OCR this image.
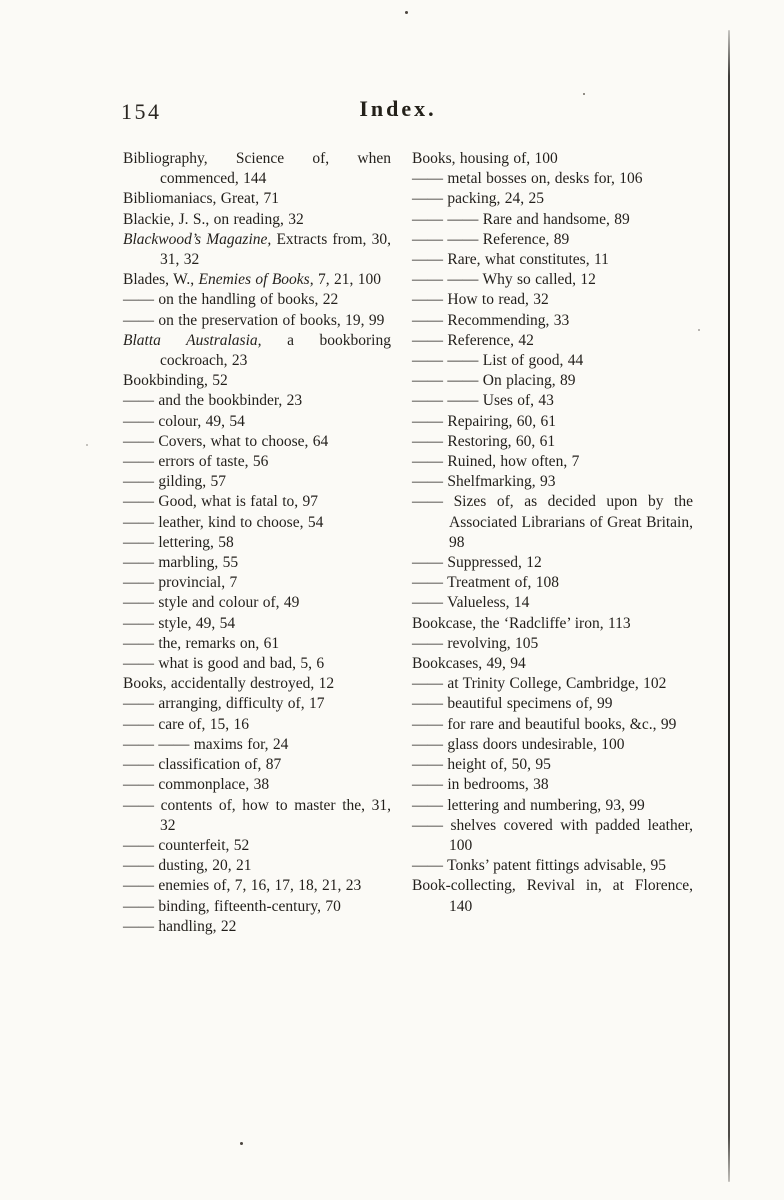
154	Index.

Bibliography, Science of, when commenced, 144

Bibliomaniacs, Great, 71

Blackie, J. S., on reading, 32

Blackwood’s Magazine, Extracts from, 30, 31, 32

Blades, W., Enemies of Books, 7, 21, 100

—— on the handling of books, 22

—— on the preservation of books, 19, 99

Blatta Australasia, a bookboring cockroach, 23

Bookbinding, 52

—— and the bookbinder, 23

—— colour, 49, 54

—— Covers, what to choose, 64

—— errors of taste, 56

—— gilding, 57

—— Good, what is fatal to, 97

—— leather, kind to choose, 54

—— lettering, 58

—— marbling, 55

—— provincial, 7

—— style and colour of, 49

—— style, 49, 54

—— the, remarks on, 61

—— what is good and bad, 5, 6

Books, accidentally destroyed, 12

—— arranging, difficulty of, 17

—— care of, 15, 16

—— —— maxims for, 24

—— classification of, 87

—— commonplace, 38

—— contents of, how to master the, 31, 32

—— counterfeit, 52

—— dusting, 20, 21

—— enemies of, 7, 16, 17, 18, 21, 23

—— binding, fifteenth-century, 70

—— handling, 22

Books, housing of, 100

—— metal bosses on, desks for, 106

—— packing, 24, 25

—— —— Rare and handsome, 89

—— —— Reference, 89

—— Rare, what constitutes, 11

—— —— Why so called, 12

—— How to read, 32

—— Recommending, 33

—— Reference, 42

—— —— List of good, 44

—— —— On placing, 89

—— —— Uses of, 43

—— Repairing, 60, 61

—— Restoring, 60, 61

—— Ruined, how often, 7

—— Shelfmarking, 93

—— Sizes of, as decided upon by the Associated Librarians of Great Britain, 98

—— Suppressed, 12

—— Treatment of, 108

—— Valueless, 14

Bookcase, the ‘Radcliffe’ iron, 113

—— revolving, 105

Bookcases, 49, 94

—— at Trinity College, Cambridge, 102

—— beautiful specimens of, 99

—— for rare and beautiful books, &c., 99

—— glass doors undesirable, 100

—— height of, 50, 95

—— in bedrooms, 38

—— lettering and numbering, 93, 99

—— shelves covered with padded leather, 100

—— Tonks’ patent fittings advisable, 95

Book-collecting, Revival in, at Florence, 140
